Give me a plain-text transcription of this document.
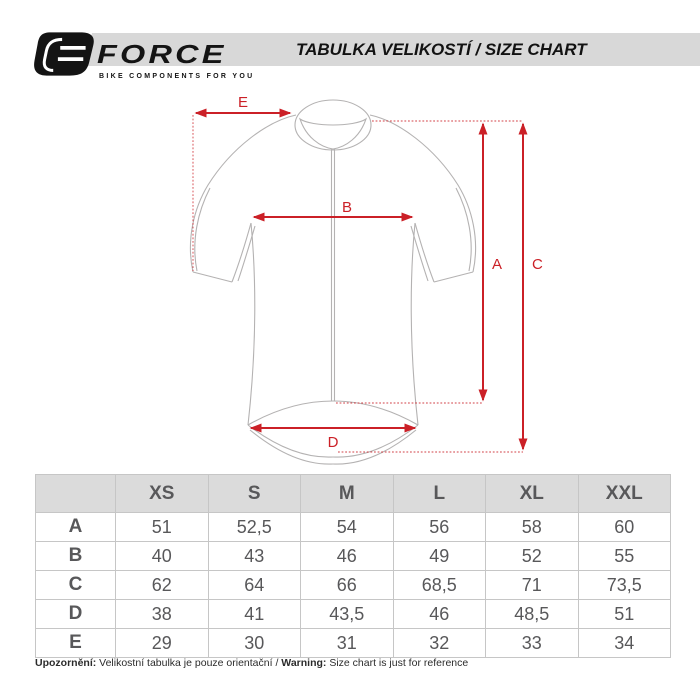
FORCE
BIKE COMPONENTS FOR YOU
TABULKA VELIKOSTÍ / SIZE CHART
E
B
A C
D
	XS	S	M	L	XL	XXL
A	51	52,5	54	56	58	60
B	40	43	46	49	52	55
C	62	64	66	68,5	71	73,5
D	38	41	43,5	46	48,5	51
E	29	30	31	32	33	34
Upozornění: Velikostní tabulka je pouze orientační / Warning: Size chart is just for reference
